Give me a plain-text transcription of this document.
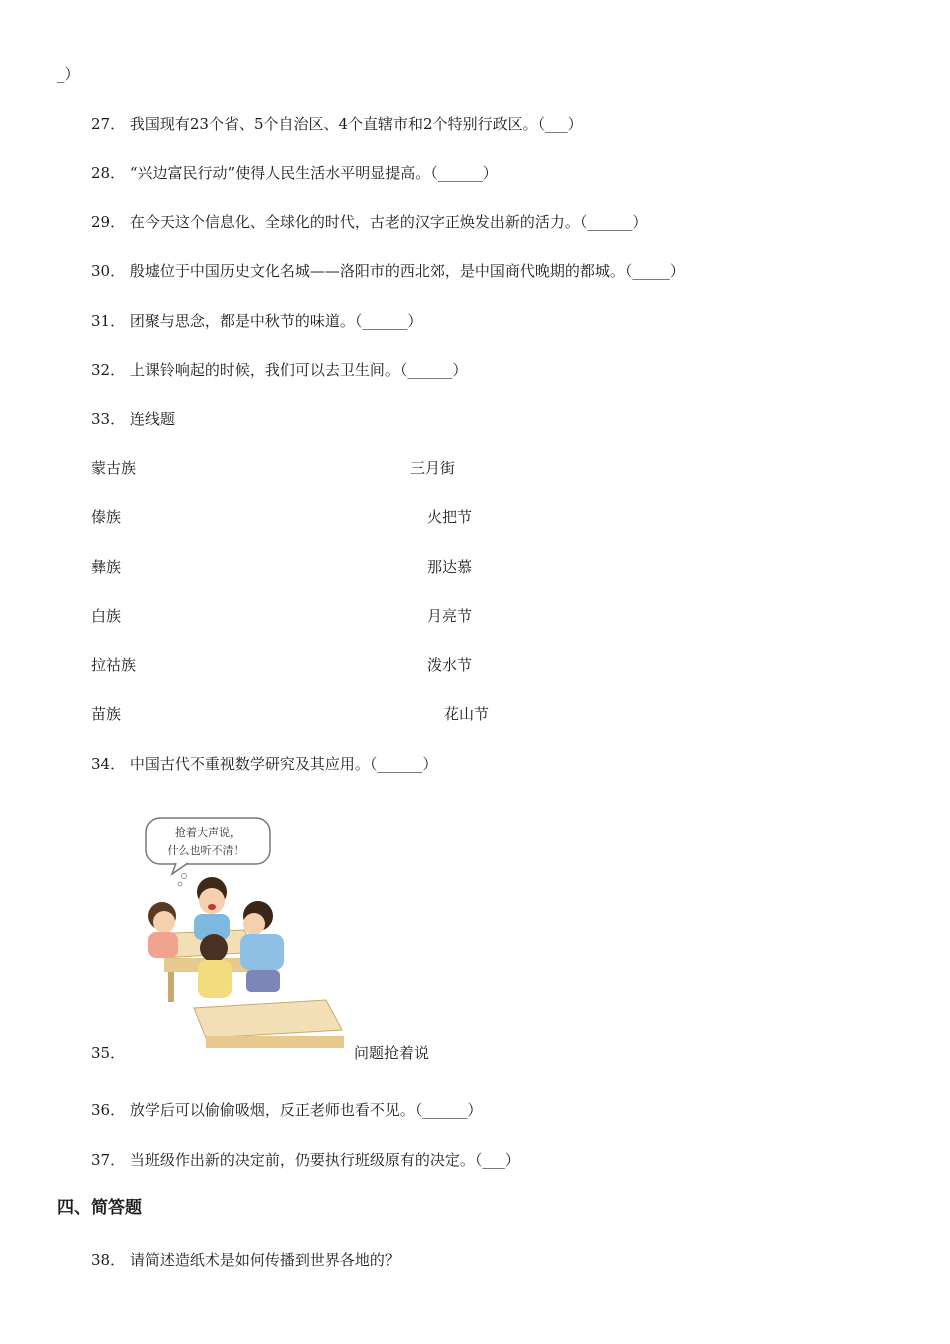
_）
27． 我国现有23个省、5个自治区、4个直辖市和2个特别行政区。（___）
28． “兴边富民行动”使得人民生活水平明显提高。（______）
29． 在今天这个信息化、全球化的时代，古老的汉字正焕发出新的活力。（______）
30． 殷墟位于中国历史文化名城——洛阳市的西北郊，是中国商代晚期的都城。（_____）
31． 团聚与思念，都是中秋节的味道。（______）
32． 上课铃响起的时候，我们可以去卫生间。（______）
33． 连线题
蒙古族	三月街
傣族	火把节
彝族	那达慕
白族	月亮节
拉祜族	泼水节
苗族	花山节
34． 中国古代不重视数学研究及其应用。（______）
抢着大声说，
什么也听不清！
35．	问题抢着说
36． 放学后可以偷偷吸烟，反正老师也看不见。（______）
37． 当班级作出新的决定前，仍要执行班级原有的决定。（___）
四、简答题
38． 请简述造纸术是如何传播到世界各地的？
